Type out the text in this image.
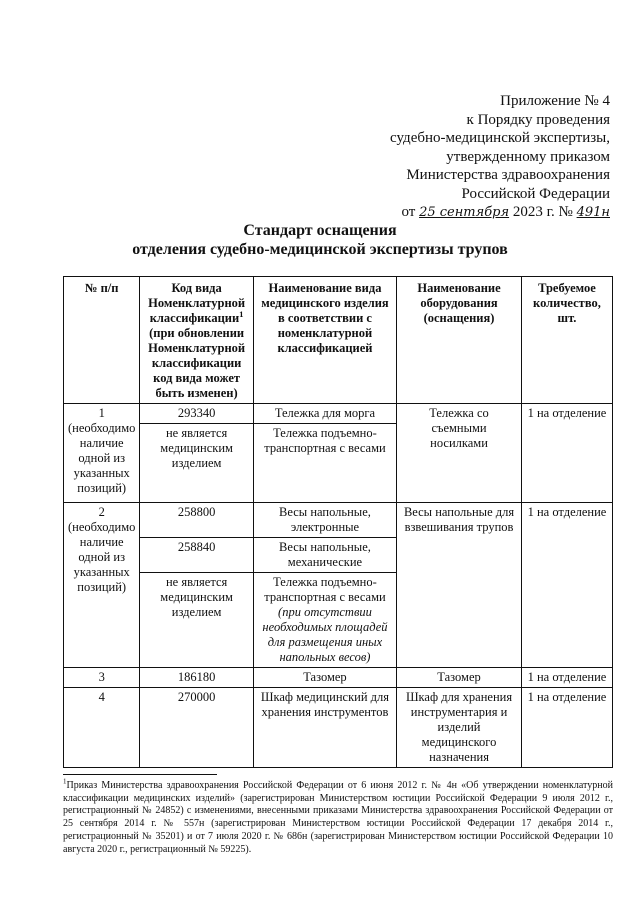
Приложение № 4
к Порядку проведения
судебно-медицинской экспертизы,
утвержденному приказом
Министерства здравоохранения
Российской Федерации
от 25 сентября 2023 г. № 491н
Стандарт оснащения
отделения судебно-медицинской экспертизы трупов
№ п/п	Код вида Номенклатурной классификации$^1$ (при обновлении Номенклатурной классификации код вида может быть изменен)	Наименование вида медицинского изделия в соответствии с номенклатурной классификацией	Наименование оборудования (оснащения)	Требуемое количество, шт.
1 (необходимо наличие одной из указанных позиций)	293340	Тележка для морга	Тележка со съемными носилками	1 на отделение
	не является медицинским изделием	Тележка подъемно-транспортная с весами		
2 (необходимо наличие одной из указанных позиций)	258800	Весы напольные, электронные	Весы напольные для взвешивания трупов	1 на отделение
	258840	Весы напольные, механические		
	не является медицинским изделием	Тележка подъемно-транспортная с весами
(при отсутствии необходимых площадей для размещения иных напольных весов)		
3	186180	Тазомер	Тазомер	1 на отделение
4	270000	Шкаф медицинский для хранения инструментов	Шкаф для хранения инструментария и изделий медицинского назначения	1 на отделение
$^1$Приказ Министерства здравоохранения Российской Федерации от 6 июня 2012 г. № 4н «Об утверждении номенклатурной классификации медицинских изделий» (зарегистрирован Министерством юстиции Российской Федерации 9 июля 2012 г., регистрационный № 24852) с изменениями, внесенными приказами Министерства здравоохранения Российской Федерации от 25 сентября 2014 г. № 557н (зарегистрирован Министерством юстиции Российской Федерации 17 декабря 2014 г., регистрационный № 35201) и от 7 июля 2020 г. № 686н (зарегистрирован Министерством юстиции Российской Федерации 10 августа 2020 г., регистрационный № 59225).
